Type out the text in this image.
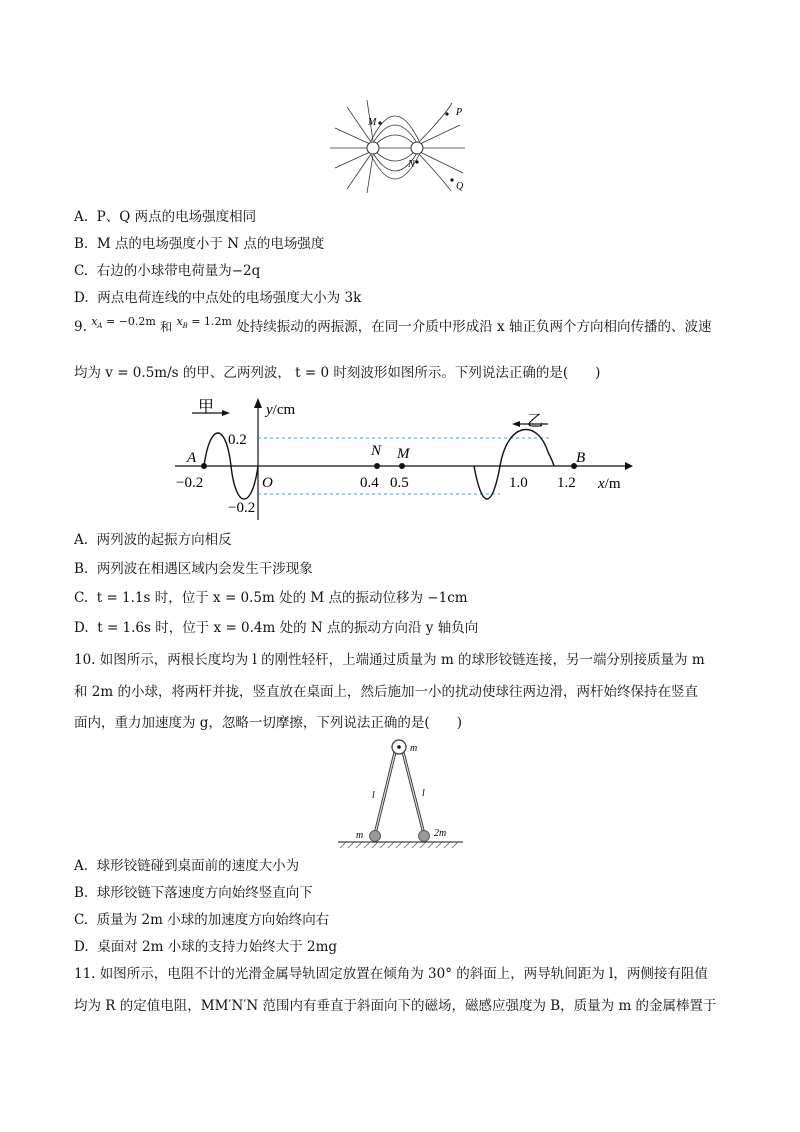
M
P
N
Q
A. P、Q 两点的电场强度相同
B. M 点的电场强度小于 N 点的电场强度
C. 右边的小球带电荷量为−2q
D. 两点电荷连线的中点处的电场强度大小为 3k
9. $^{x_A = -0.2m}$ 和 $^{x_B = 1.2m}$ 处持续振动的两振源，在同一介质中形成沿 x 轴正负两个方向相向传播的、波速
均为 v = 0.5m/s 的甲、乙两列波， t = 0 时刻波形如图所示。下列说法正确的是(　　)
甲
乙
y/cm
x/m
0.2
−0.2
O
A	B
N M
−0.2	0.4 0.5	1.0 1.2
A. 两列波的起振方向相反
B. 两列波在相遇区域内会发生干涉现象
C. t = 1.1s 时，位于 x = 0.5m 处的 M 点的振动位移为 −1cm
D. t = 1.6s 时，位于 x = 0.4m 处的 N 点的振动方向沿 y 轴负向
10. 如图所示，两根长度均为 l 的刚性轻杆，上端通过质量为 m 的球形铰链连接，另一端分别接质量为 m
和 2m 的小球，将两杆并拢，竖直放在桌面上，然后施加一小的扰动使球往两边滑，两杆始终保持在竖直
面内，重力加速度为 g，忽略一切摩擦，下列说法正确的是(　　)
m
l	l
m	2m
A. 球形铰链碰到桌面前的速度大小为
B. 球形铰链下落速度方向始终竖直向下
C. 质量为 2m 小球的加速度方向始终向右
D. 桌面对 2m 小球的支持力始终大于 2mg
11. 如图所示，电阻不计的光滑金属导轨固定放置在倾角为 30° 的斜面上，两导轨间距为 l，两侧接有阻值
均为 R 的定值电阻，MM′N′N 范围内有垂直于斜面向下的磁场，磁感应强度为 B，质量为 m 的金属棒置于
